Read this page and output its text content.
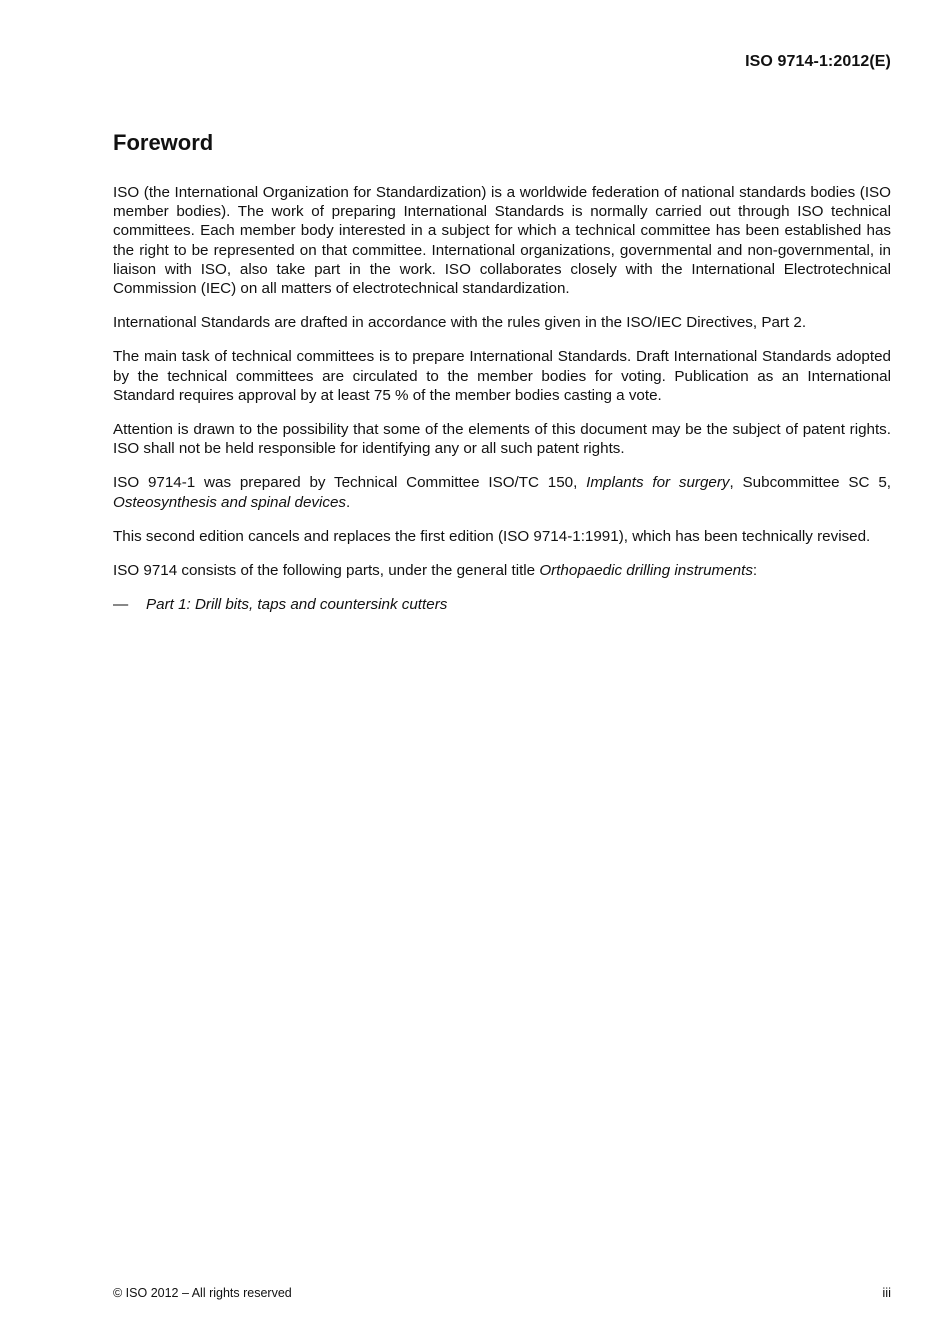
ISO 9714-1:2012(E)
Foreword

ISO (the International Organization for Standardization) is a worldwide federation of national standards bodies (ISO member bodies). The work of preparing International Standards is normally carried out through ISO technical committees. Each member body interested in a subject for which a technical committee has been established has the right to be represented on that committee. International organizations, governmental and non-governmental, in liaison with ISO, also take part in the work. ISO collaborates closely with the International Electrotechnical Commission (IEC) on all matters of electrotechnical standardization.

International Standards are drafted in accordance with the rules given in the ISO/IEC Directives, Part 2.

The main task of technical committees is to prepare International Standards. Draft International Standards adopted by the technical committees are circulated to the member bodies for voting. Publication as an International Standard requires approval by at least 75 % of the member bodies casting a vote.

Attention is drawn to the possibility that some of the elements of this document may be the subject of patent rights. ISO shall not be held responsible for identifying any or all such patent rights.

ISO 9714-1 was prepared by Technical Committee ISO/TC 150, Implants for surgery, Subcommittee SC 5, Osteosynthesis and spinal devices.

This second edition cancels and replaces the first edition (ISO 9714-1:1991), which has been technically revised.

ISO 9714 consists of the following parts, under the general title Orthopaedic drilling instruments:

—	Part 1: Drill bits, taps and countersink cutters
© ISO 2012 – All rights reserved	iii
